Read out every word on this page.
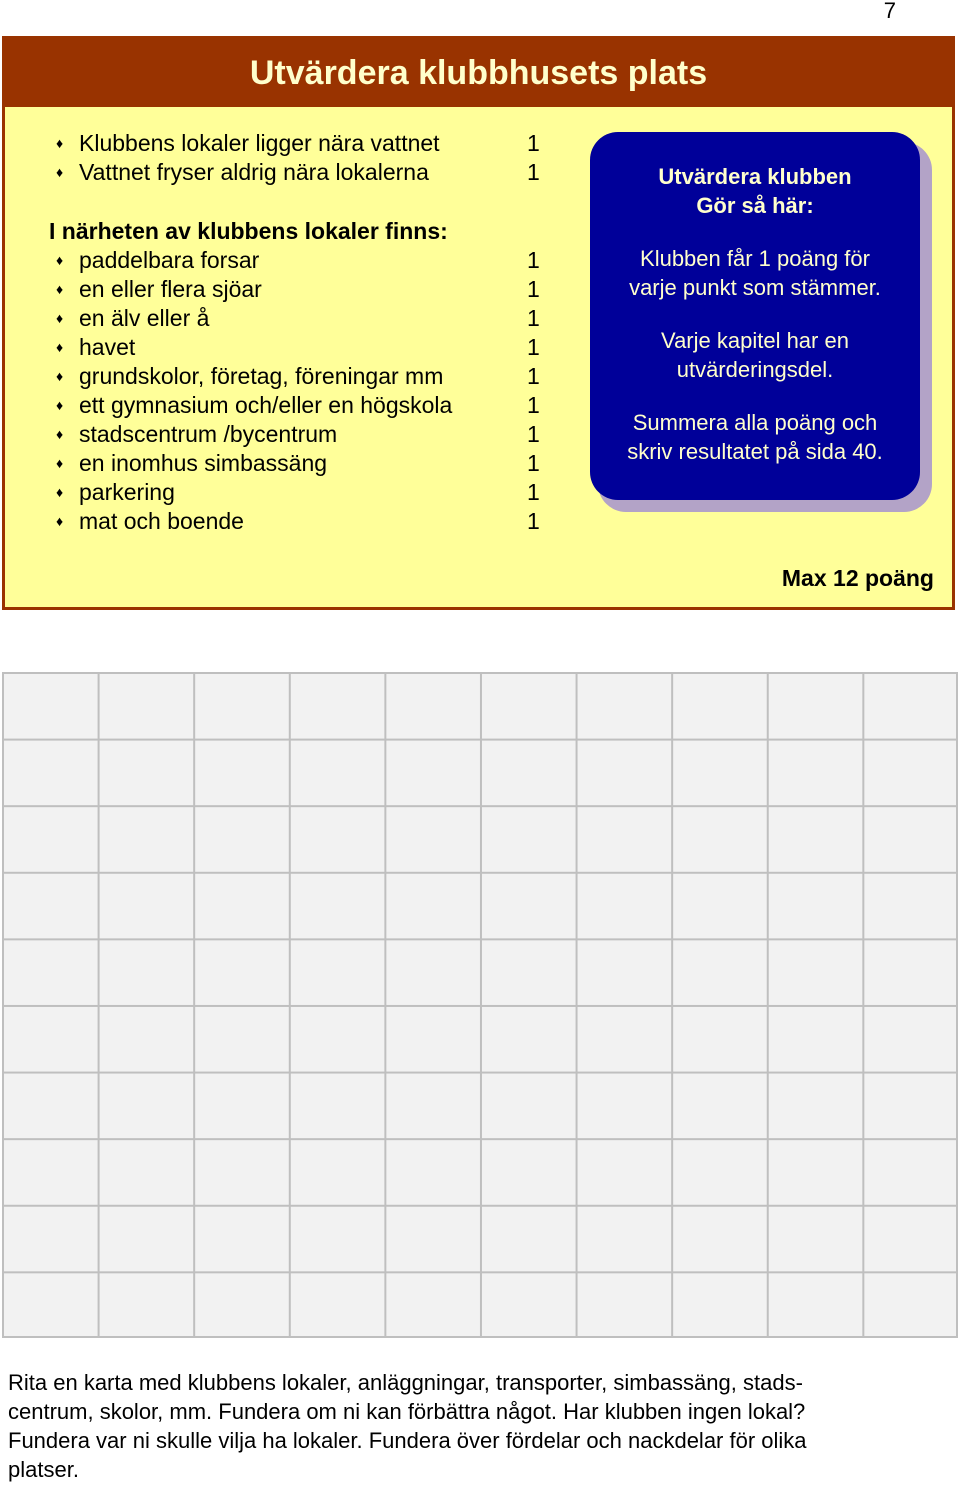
7
Utvärdera klubbhusets plats
♦ Klubbens lokaler ligger nära vattnet	1
♦ Vattnet fryser aldrig nära lokalerna	1
I närheten av klubbens lokaler finns:
♦ paddelbara forsar	1
♦ en eller flera sjöar	1
♦ en älv eller å	1
♦ havet	1
♦ grundskolor, företag, föreningar mm	1
♦ ett gymnasium och/eller en högskola	1
♦ stadscentrum /bycentrum	1
♦ en inomhus simbassäng	1
♦ parkering	1
♦ mat och boende	1
Max 12 poäng

Utvärdera klubben
Gör så här:

Klubben får 1 poäng för
varje punkt som stämmer.

Varje kapitel har en
utvärderingsdel.

Summera alla poäng och
skriv resultatet på sida 40.

Rita en karta med klubbens lokaler, anläggningar, transporter, simbassäng, stads-
centrum, skolor, mm. Fundera om ni kan förbättra något. Har klubben ingen lokal?
Fundera var ni skulle vilja ha lokaler. Fundera över fördelar och nackdelar för olika
platser.
